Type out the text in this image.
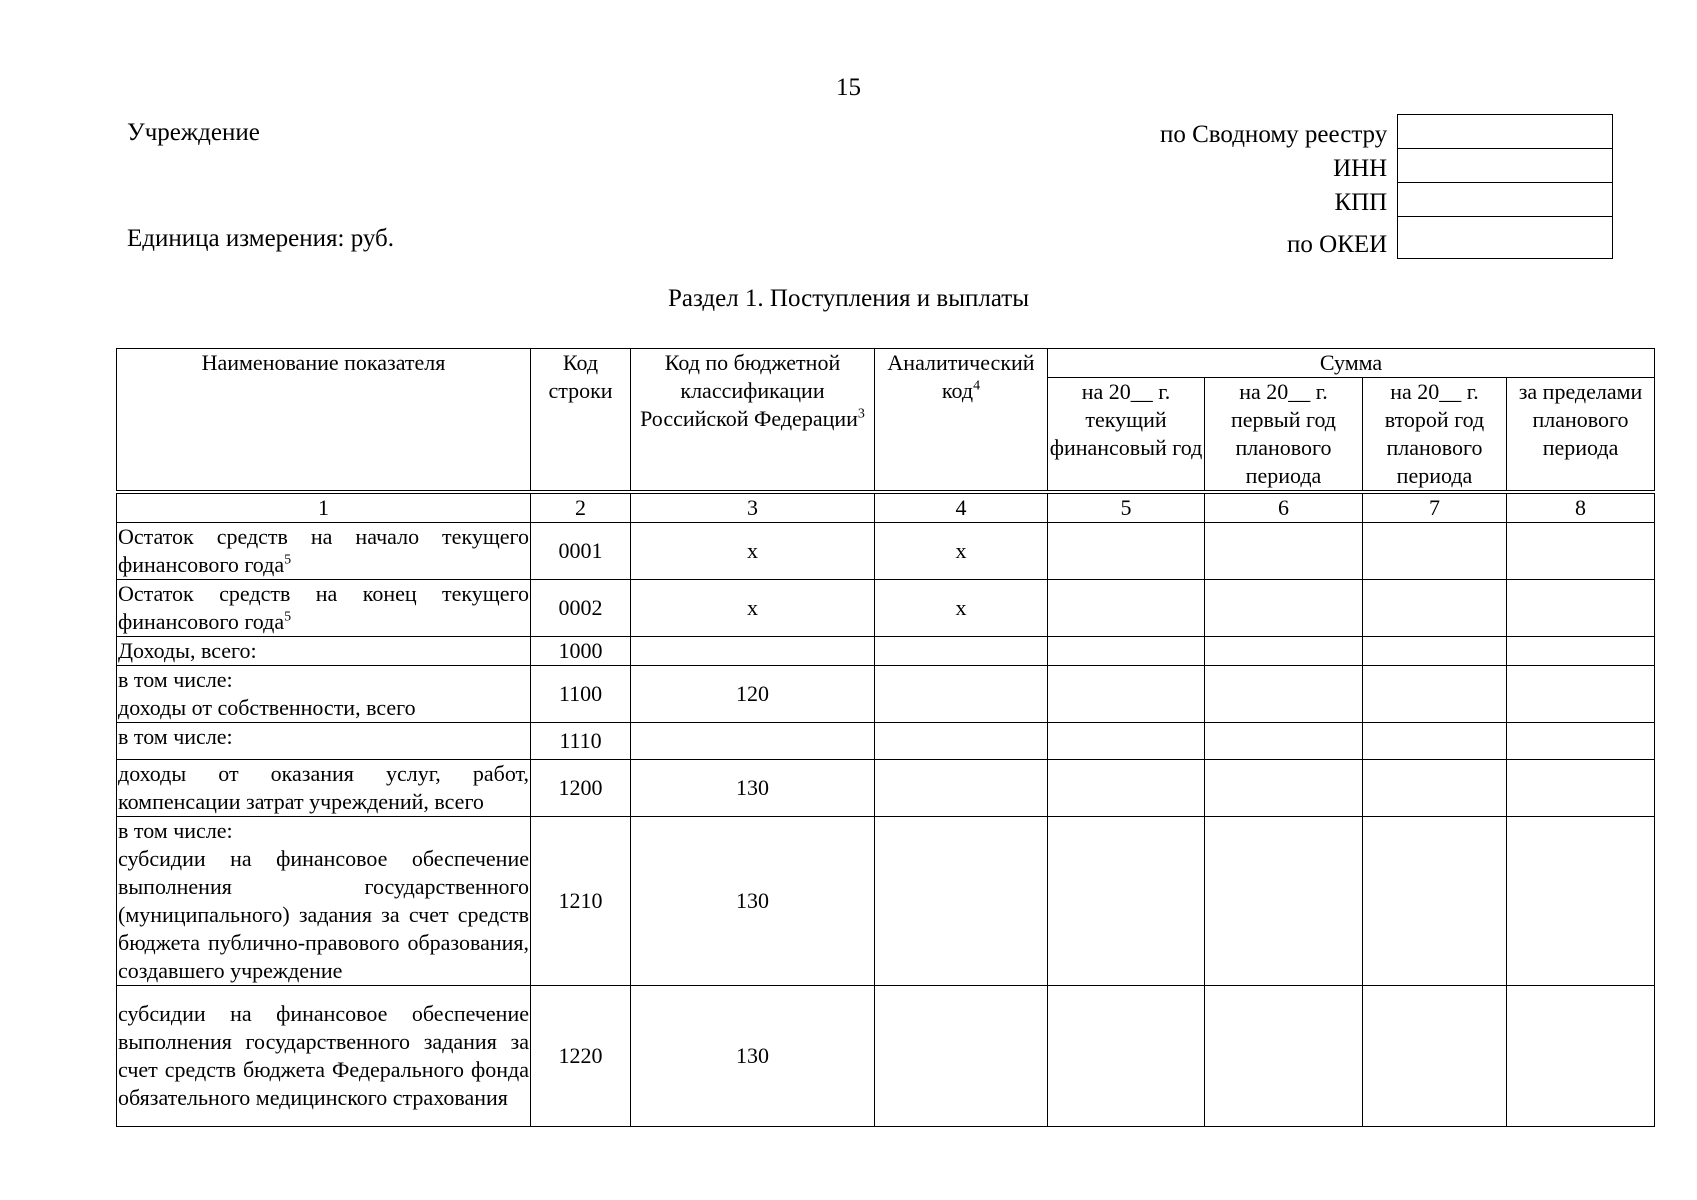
15
Учреждение
Единица измерения: руб.
по Сводному реестру	
ИНН	
КПП	
по ОКЕИ	
Раздел 1. Поступления и выплаты
Наименование показателя	Код строки	Код по бюджетной классификации Российской Федерации$^3$	Аналитический код$^4$	Сумма			
				на 20__ г. текущий финансовый год	на 20__ г. первый год планового периода	на 20__ г. второй год планового периода	за пределами планового периода

1	2	3	4	5	6	7	8
Остаток средств на начало текущего финансового года$^5$	0001	x	x				
Остаток средств на конец текущего финансового года$^5$	0002	x	x				
Доходы, всего:	1000						

в том числе:
доходы от собственности, всего	1100	120					
в том числе:	1110						
доходы от оказания услуг, работ, компенсации затрат учреждений, всего	1200	130					

в том числе:
субсидии на финансовое обеспечение выполнения государственного (муниципального) задания за счет средств бюджета публично-правового образования, создавшего учреждение	1210	130					
субсидии на финансовое обеспечение выполнения государственного задания за счет средств бюджета Федерального фонда обязательного медицинского страхования	1220	130					
